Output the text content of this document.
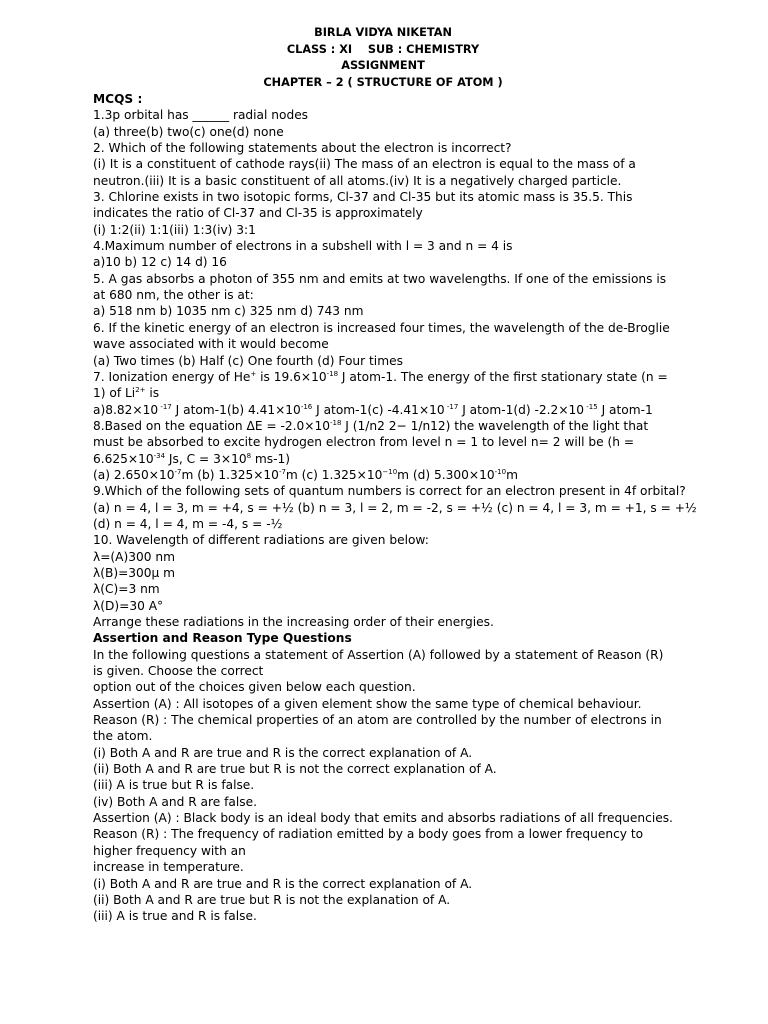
BIRLA VIDYA NIKETAN
CLASS : XI    SUB : CHEMISTRY
ASSIGNMENT
CHAPTER – 2 ( STRUCTURE OF ATOM )
MCQS :
1.3p orbital has ______ radial nodes
(a) three(b) two(c) one(d) none
2. Which of the following statements about the electron is incorrect?
(i) It is a constituent of cathode rays(ii) The mass of an electron is equal to the mass of a neutron.(iii) It is a basic constituent of all atoms.(iv) It is a negatively charged particle.
3. Chlorine exists in two isotopic forms, Cl-37 and Cl-35 but its atomic mass is 35.5. This indicates the ratio of Cl-37 and Cl-35 is approximately
(i) 1:2(ii) 1:1(iii) 1:3(iv) 3:1
4.Maximum number of electrons in a subshell with l = 3 and n = 4 is
a)10 b) 12 c) 14 d) 16
5. A gas absorbs a photon of 355 nm and emits at two wavelengths. If one of the emissions is at 680 nm, the other is at:
a) 518 nm b) 1035 nm c) 325 nm d) 743 nm
6. If the kinetic energy of an electron is increased four times, the wavelength of the de-Broglie wave associated with it would become
(a) Two times (b) Half (c) One fourth (d) Four times
7. Ionization energy of He+ is $19.6\times 10^{-18}$ J atom-1. The energy of the first stationary state (n = 1) of $Li^{2+}$ is
a)8.82×10 $^{-17}$ J atom-1(b) $4.41\times 10^{-16}$ J atom-1(c) -4.41×10 $^{-17}$ J atom-1(d) -2.2×10 $^{-15}$ J atom-1
8.Based on the equation $\Delta E = -2.0\times 10^{-18}$ J (1/n2 2− 1/n12) the wavelength of the light that must be absorbed to excite hydrogen electron from level n = 1 to level n= 2 will be ($h = 6.625\times 10^{-34}$ Js, $C = 3\times 10^8$ ms-1)
(a) $2.650\times 10^{-7}m$ (b) $1.325\times 10^{-7}m$ (c) $1.325\times 10^{-10}m$ (d) $5.300\times 10^{-10}m$
9.Which of the following sets of quantum numbers is correct for an electron present in 4f orbital?
(a) n = 4, l = 3, m = +4, s = +½ (b) n = 3, l = 2, m = -2, s = +½ (c) n = 4, l = 3, m = +1, s = +½
(d) n = 4, l = 4, m = -4, s = -½
10. Wavelength of different radiations are given below:
λ=(A)300 nm
λ(B)=300μ m
λ(C)=3 nm
λ(D)=30 A°
Arrange these radiations in the increasing order of their energies.
Assertion and Reason Type Questions
In the following questions a statement of Assertion (A) followed by a statement of Reason (R) is given. Choose the correct
option out of the choices given below each question.
Assertion (A) : All isotopes of a given element show the same type of chemical behaviour.
Reason (R) : The chemical properties of an atom are controlled by the number of electrons in the atom.
(i) Both A and R are true and R is the correct explanation of A.
(ii) Both A and R are true but R is not the correct explanation of A.
(iii) A is true but R is false.
(iv) Both A and R are false.
Assertion (A) : Black body is an ideal body that emits and absorbs radiations of all frequencies.
Reason (R) : The frequency of radiation emitted by a body goes from a lower frequency to higher frequency with an
increase in temperature.
(i) Both A and R are true and R is the correct explanation of A.
(ii) Both A and R are true but R is not the explanation of A.
(iii) A is true and R is false.
